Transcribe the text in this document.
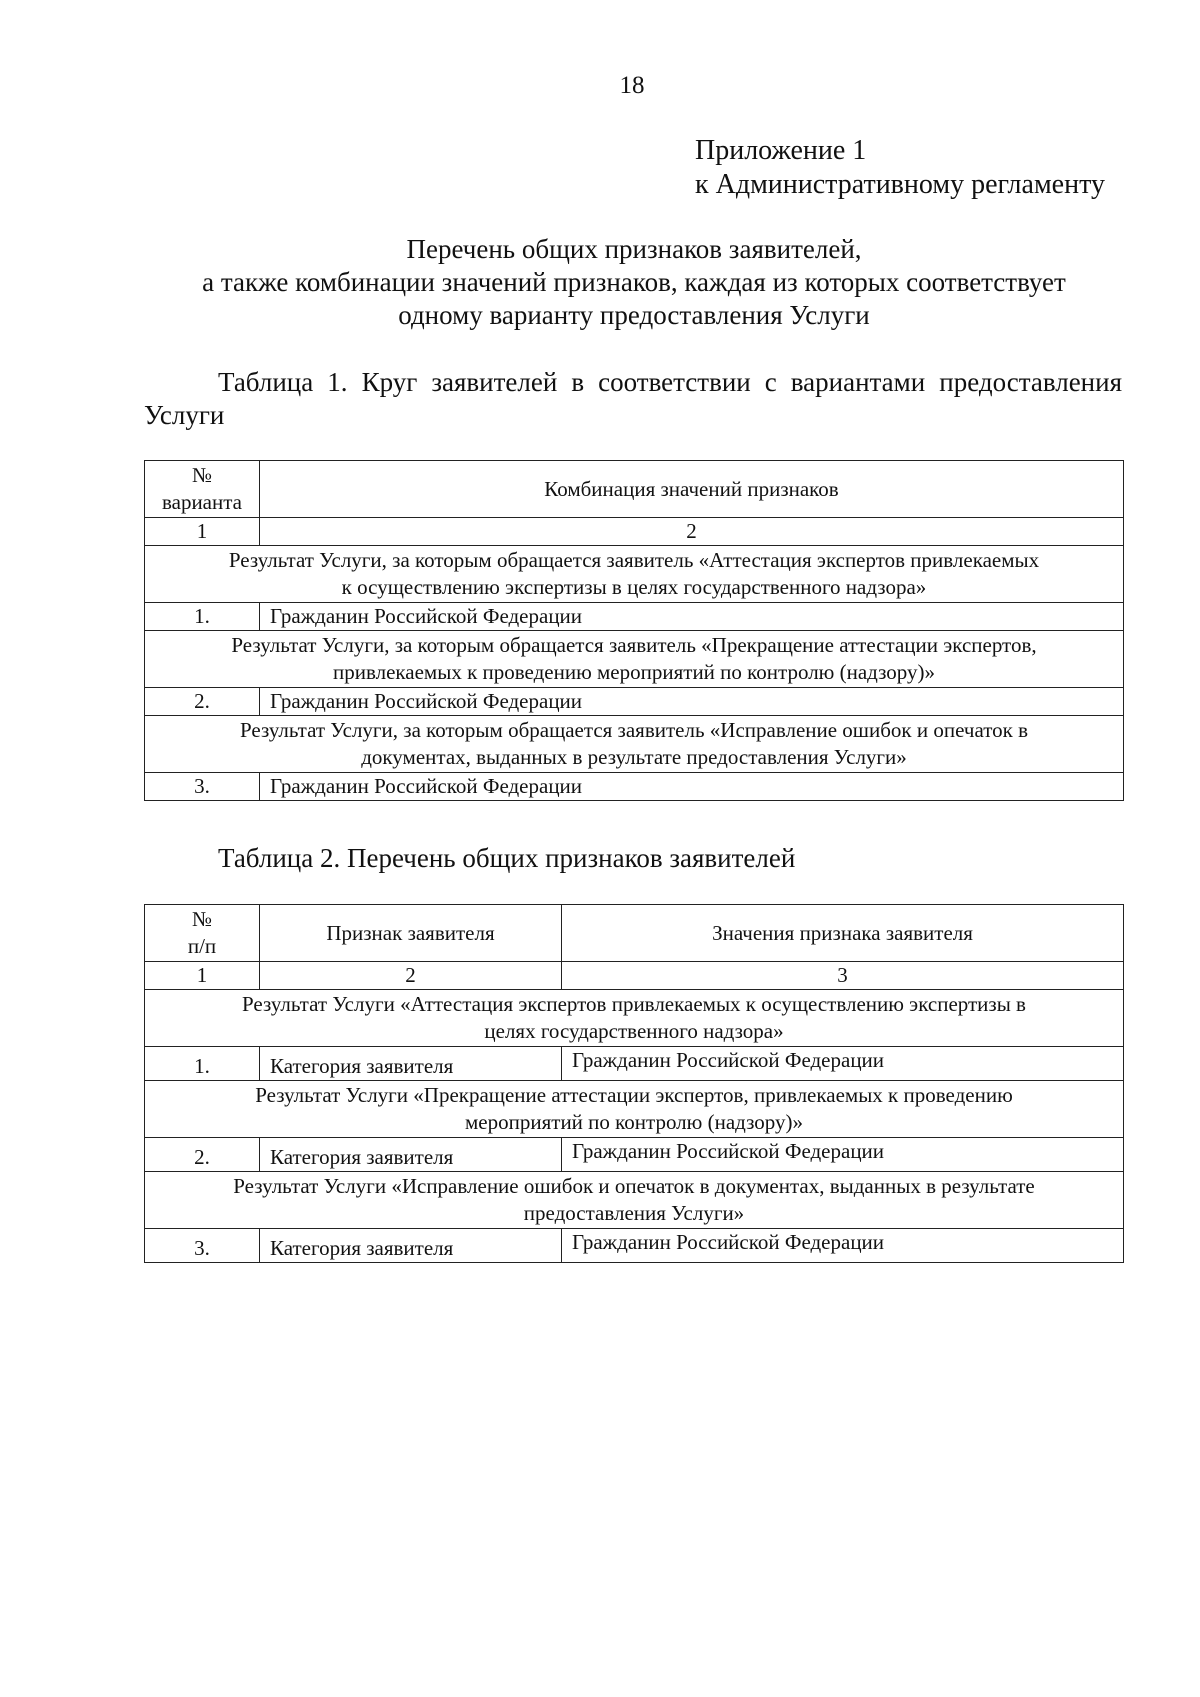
18
Приложение 1
к Административному регламенту
Перечень общих признаков заявителей,
а также комбинации значений признаков, каждая из которых соответствует
одному варианту предоставления Услуги
Таблица 1. Круг заявителей в соответствии с вариантами предоставления
Услуги
№
варианта	Комбинация значений признаков
1	2

Результат Услуги, за которым обращается заявитель «Аттестация экспертов привлекаемых
к осуществлению экспертизы в целях государственного надзора»	

1.	Гражданин Российской Федерации

Результат Услуги, за которым обращается заявитель «Прекращение аттестации экспертов,
привлекаемых к проведению мероприятий по контролю (надзору)»	

2.	Гражданин Российской Федерации

Результат Услуги, за которым обращается заявитель «Исправление ошибок и опечаток в
документах, выданных в результате предоставления Услуги»	

3.	Гражданин Российской Федерации
Таблица 2. Перечень общих признаков заявителей
№
п/п	Признак заявителя	Значения признака заявителя
1	2	3

Результат Услуги «Аттестация экспертов привлекаемых к осуществлению экспертизы в
целях государственного надзора»		

1.	Категория заявителя	Гражданин Российской Федерации

Результат Услуги «Прекращение аттестации экспертов, привлекаемых к проведению
мероприятий по контролю (надзору)»		

2.	Категория заявителя	Гражданин Российской Федерации

Результат Услуги «Исправление ошибок и опечаток в документах, выданных в результате
предоставления Услуги»		

3.	Категория заявителя	Гражданин Российской Федерации
